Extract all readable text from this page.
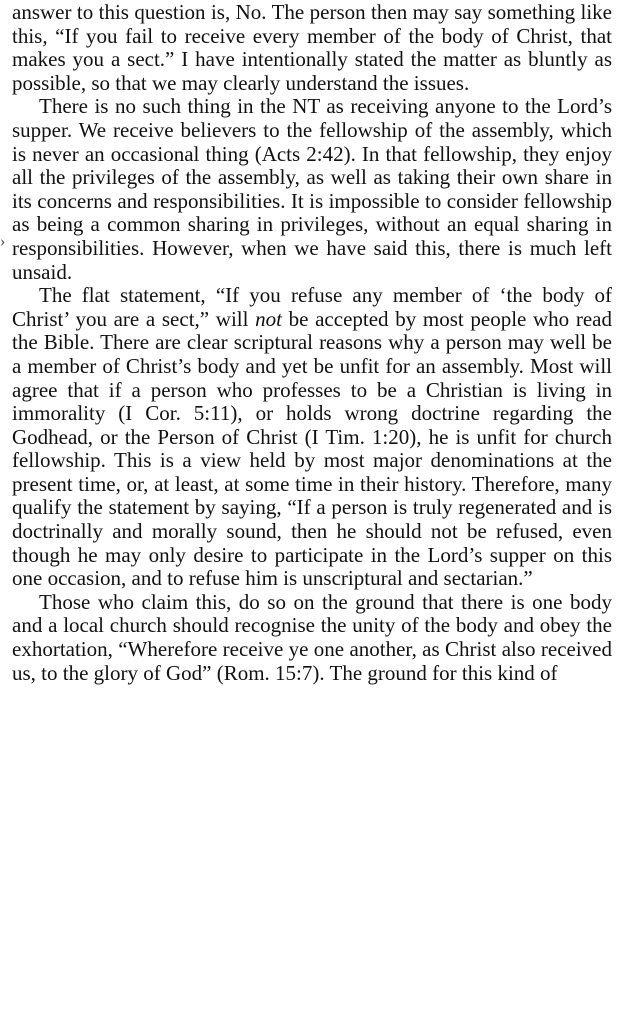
›

answer to this question is, No. The person then may say something like this, “If you fail to receive every member of the body of Christ, that makes you a sect.” I have intentionally stated the matter as bluntly as possible, so that we may clearly understand the issues.

There is no such thing in the NT as receiving anyone to the Lord’s supper. We receive believers to the fellowship of the assembly, which is never an occasional thing (Acts 2:42). In that fellowship, they enjoy all the privileges of the assembly, as well as taking their own share in its concerns and responsibilities. It is impossible to consider fellowship as being a common sharing in privileges, without an equal sharing in responsibilities. However, when we have said this, there is much left unsaid.

The flat statement, “If you refuse any member of ‘the body of Christ’ you are a sect,” will not be accepted by most people who read the Bible. There are clear scriptural reasons why a person may well be a member of Christ’s body and yet be unfit for an assembly. Most will agree that if a person who professes to be a Christian is living in immorality (I Cor. 5:11), or holds wrong doctrine regarding the Godhead, or the Person of Christ (I Tim. 1:20), he is unfit for church fellowship. This is a view held by most major denominations at the present time, or, at least, at some time in their history. Therefore, many qualify the statement by saying, “If a person is truly regenerated and is doctrinally and morally sound, then he should not be refused, even though he may only desire to participate in the Lord’s supper on this one occasion, and to refuse him is unscriptural and sectarian.”

Those who claim this, do so on the ground that there is one body and a local church should recognise the unity of the body and obey the exhortation, “Wherefore receive ye one another, as Christ also received us, to the glory of God” (Rom. 15:7). The ground for this kind of
